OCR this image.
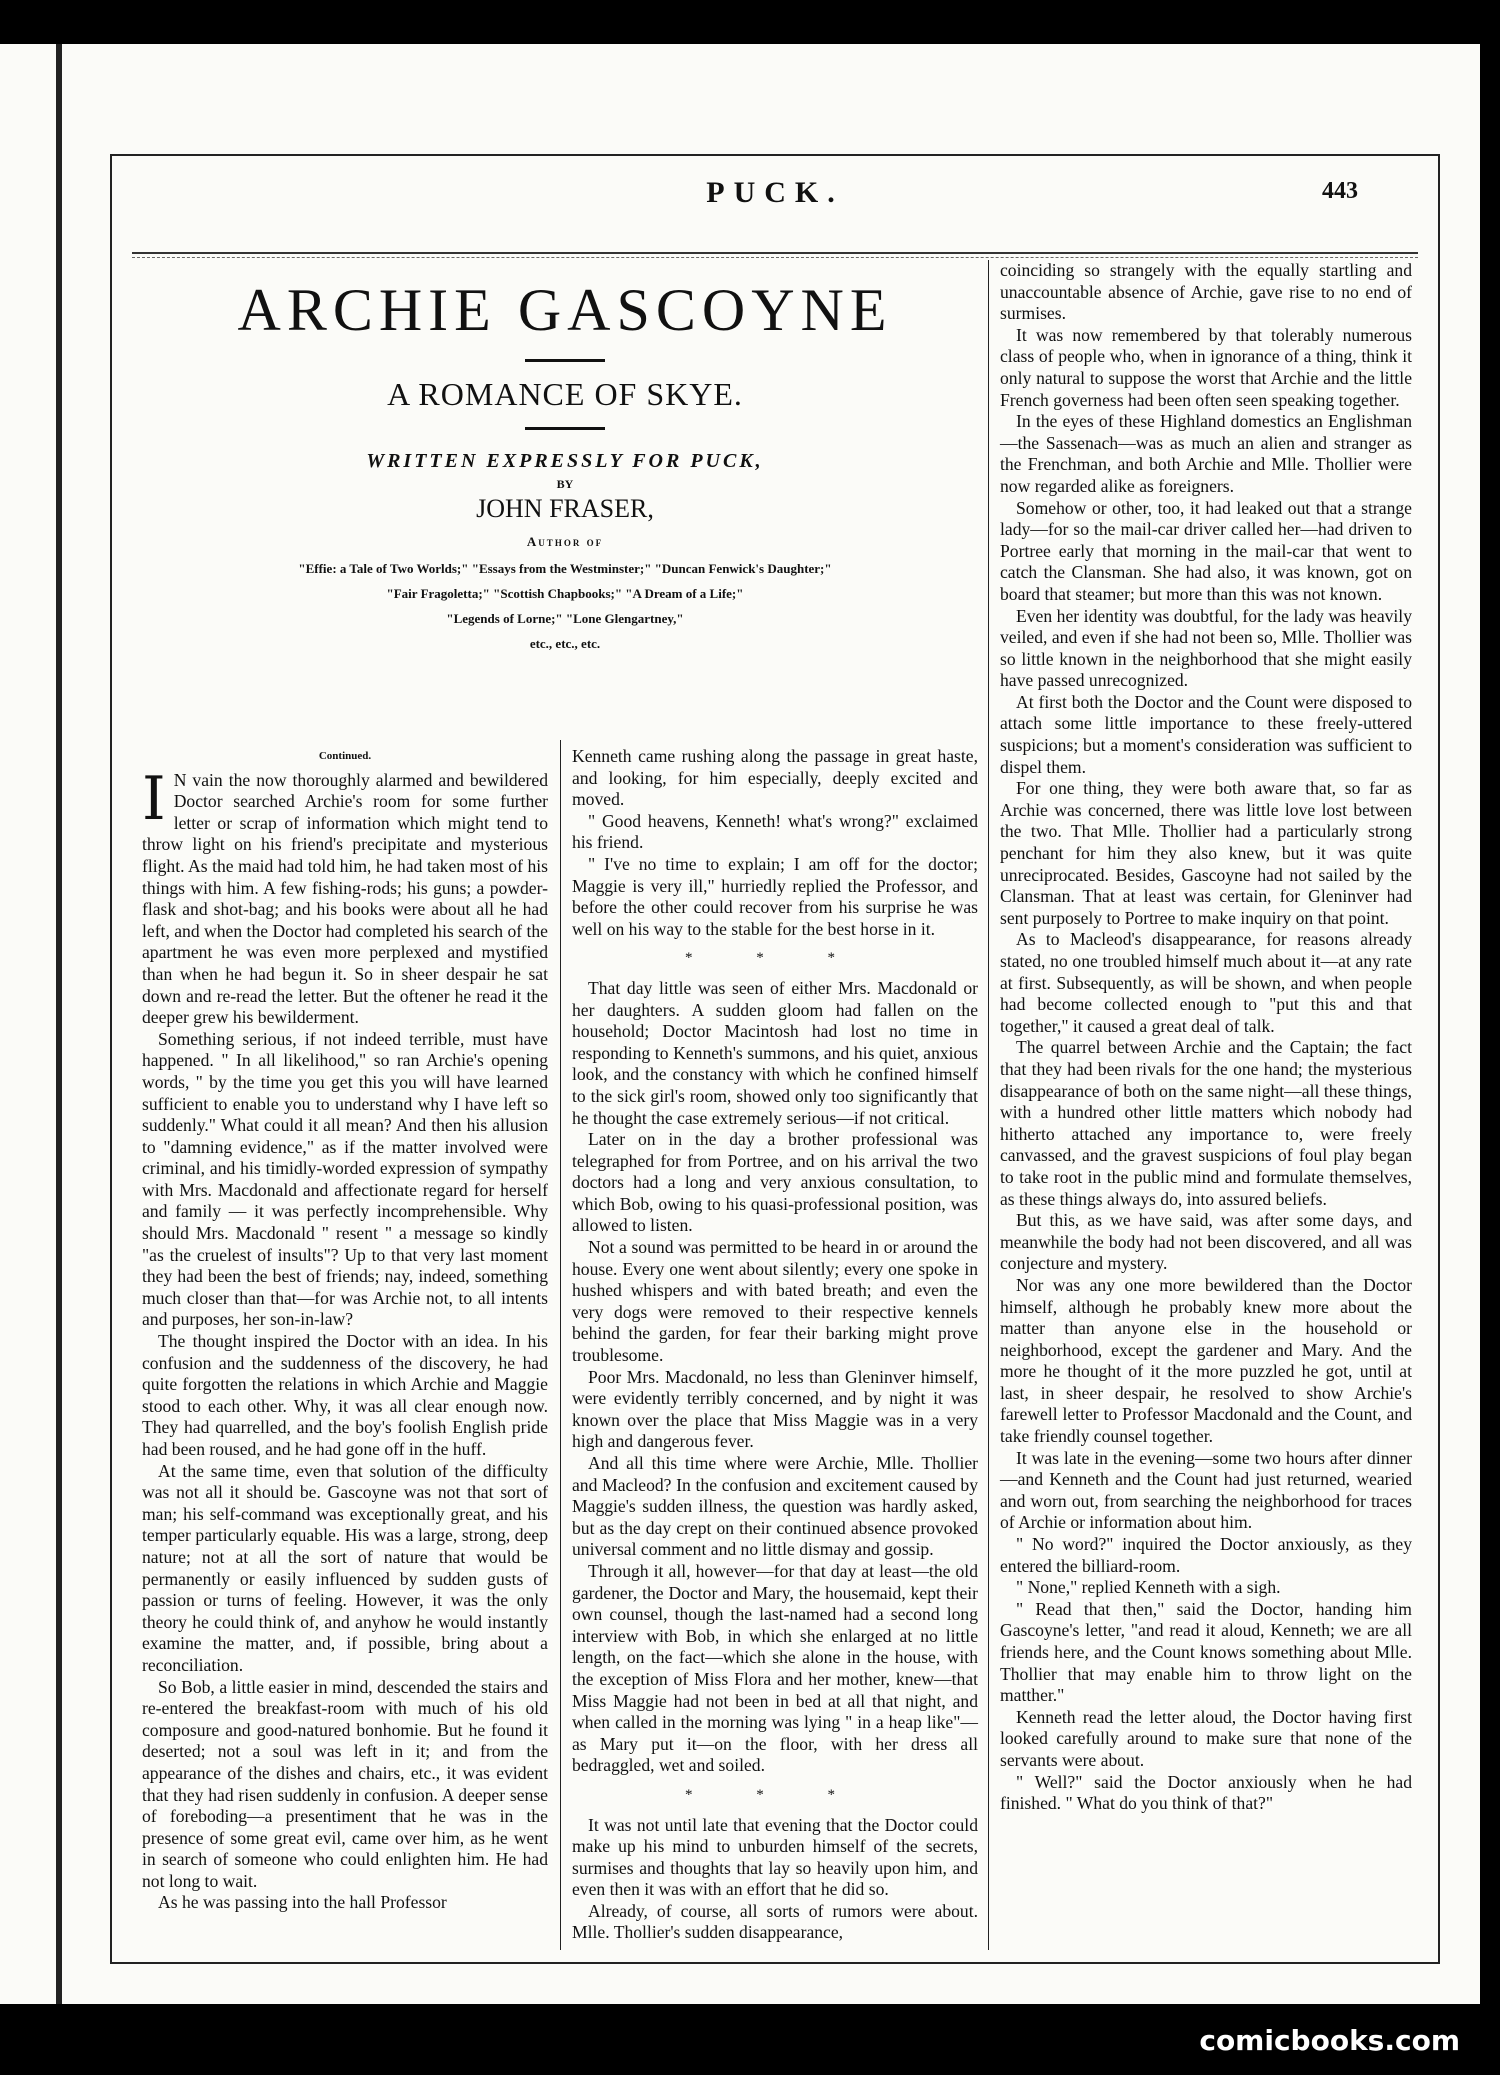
PUCK.	443
ARCHIE GASCOYNE
A ROMANCE OF SKYE.
WRITTEN EXPRESSLY FOR PUCK,
BY
JOHN FRASER,
Author of
"Effie: a Tale of Two Worlds;" "Essays from the Westminster;" "Duncan Fenwick's Daughter;"
"Fair Fragoletta;" "Scottish Chapbooks;" "A Dream of a Life;"
"Legends of Lorne;" "Lone Glengartney,"
etc., etc., etc.
Continued.
I N vain the now thoroughly alarmed and bewildered Doctor searched Archie's room for some further letter or scrap of information which might tend to throw light on his friend's precipitate and mysterious flight. As the maid had told him, he had taken most of his things with him. A few fishing-rods; his guns; a powder-flask and shot-bag; and his books were about all he had left, and when the Doctor had completed his search of the apartment he was even more perplexed and mystified than when he had begun it. So in sheer despair he sat down and re-read the letter. But the oftener he read it the deeper grew his bewilderment.

Something serious, if not indeed terrible, must have happened. " In all likelihood," so ran Archie's opening words, " by the time you get this you will have learned sufficient to enable you to understand why I have left so suddenly." What could it all mean? And then his allusion to "damning evidence," as if the matter involved were criminal, and his timidly-worded expression of sympathy with Mrs. Macdonald and affectionate regard for herself and family — it was perfectly incomprehensible. Why should Mrs. Macdonald " resent " a message so kindly "as the cruelest of insults"? Up to that very last moment they had been the best of friends; nay, indeed, something much closer than that—for was Archie not, to all intents and purposes, her son-in-law?

The thought inspired the Doctor with an idea. In his confusion and the suddenness of the discovery, he had quite forgotten the relations in which Archie and Maggie stood to each other. Why, it was all clear enough now. They had quarrelled, and the boy's foolish English pride had been roused, and he had gone off in the huff.

At the same time, even that solution of the difficulty was not all it should be. Gascoyne was not that sort of man; his self-command was exceptionally great, and his temper particularly equable. His was a large, strong, deep nature; not at all the sort of nature that would be permanently or easily influenced by sudden gusts of passion or turns of feeling. However, it was the only theory he could think of, and anyhow he would instantly examine the matter, and, if possible, bring about a reconciliation.

So Bob, a little easier in mind, descended the stairs and re-entered the breakfast-room with much of his old composure and good-natured bonhomie. But he found it deserted; not a soul was left in it; and from the appearance of the dishes and chairs, etc., it was evident that they had risen suddenly in confusion. A deeper sense of foreboding—a presentiment that he was in the presence of some great evil, came over him, as he went in search of someone who could enlighten him. He had not long to wait.

As he was passing into the hall Professor

Kenneth came rushing along the passage in great haste, and looking, for him especially, deeply excited and moved.

" Good heavens, Kenneth! what's wrong?" exclaimed his friend.

" I've no time to explain; I am off for the doctor; Maggie is very ill," hurriedly replied the Professor, and before the other could recover from his surprise he was well on his way to the stable for the best horse in it.

* * *

That day little was seen of either Mrs. Macdonald or her daughters. A sudden gloom had fallen on the household; Doctor Macintosh had lost no time in responding to Kenneth's summons, and his quiet, anxious look, and the constancy with which he confined himself to the sick girl's room, showed only too significantly that he thought the case extremely serious—if not critical.

Later on in the day a brother professional was telegraphed for from Portree, and on his arrival the two doctors had a long and very anxious consultation, to which Bob, owing to his quasi-professional position, was allowed to listen.

Not a sound was permitted to be heard in or around the house. Every one went about silently; every one spoke in hushed whispers and with bated breath; and even the very dogs were removed to their respective kennels behind the garden, for fear their barking might prove troublesome.

Poor Mrs. Macdonald, no less than Gleninver himself, were evidently terribly concerned, and by night it was known over the place that Miss Maggie was in a very high and dangerous fever.

And all this time where were Archie, Mlle. Thollier and Macleod? In the confusion and excitement caused by Maggie's sudden illness, the question was hardly asked, but as the day crept on their continued absence provoked universal comment and no little dismay and gossip.

Through it all, however—for that day at least—the old gardener, the Doctor and Mary, the housemaid, kept their own counsel, though the last-named had a second long interview with Bob, in which she enlarged at no little length, on the fact—which she alone in the house, with the exception of Miss Flora and her mother, knew—that Miss Maggie had not been in bed at all that night, and when called in the morning was lying " in a heap like"—as Mary put it—on the floor, with her dress all bedraggled, wet and soiled.

* * *

It was not until late that evening that the Doctor could make up his mind to unburden himself of the secrets, surmises and thoughts that lay so heavily upon him, and even then it was with an effort that he did so.

Already, of course, all sorts of rumors were about. Mlle. Thollier's sudden disappearance,

coinciding so strangely with the equally startling and unaccountable absence of Archie, gave rise to no end of surmises.

It was now remembered by that tolerably numerous class of people who, when in ignorance of a thing, think it only natural to suppose the worst that Archie and the little French governess had been often seen speaking together.

In the eyes of these Highland domestics an Englishman—the Sassenach—was as much an alien and stranger as the Frenchman, and both Archie and Mlle. Thollier were now regarded alike as foreigners.

Somehow or other, too, it had leaked out that a strange lady—for so the mail-car driver called her—had driven to Portree early that morning in the mail-car that went to catch the Clansman. She had also, it was known, got on board that steamer; but more than this was not known.

Even her identity was doubtful, for the lady was heavily veiled, and even if she had not been so, Mlle. Thollier was so little known in the neighborhood that she might easily have passed unrecognized.

At first both the Doctor and the Count were disposed to attach some little importance to these freely-uttered suspicions; but a moment's consideration was sufficient to dispel them.

For one thing, they were both aware that, so far as Archie was concerned, there was little love lost between the two. That Mlle. Thollier had a particularly strong penchant for him they also knew, but it was quite unreciprocated. Besides, Gascoyne had not sailed by the Clansman. That at least was certain, for Gleninver had sent purposely to Portree to make inquiry on that point.

As to Macleod's disappearance, for reasons already stated, no one troubled himself much about it—at any rate at first. Subsequently, as will be shown, and when people had become collected enough to "put this and that together," it caused a great deal of talk.

The quarrel between Archie and the Captain; the fact that they had been rivals for the one hand; the mysterious disappearance of both on the same night—all these things, with a hundred other little matters which nobody had hitherto attached any importance to, were freely canvassed, and the gravest suspicions of foul play began to take root in the public mind and formulate themselves, as these things always do, into assured beliefs.

But this, as we have said, was after some days, and meanwhile the body had not been discovered, and all was conjecture and mystery.

Nor was any one more bewildered than the Doctor himself, although he probably knew more about the matter than anyone else in the household or neighborhood, except the gardener and Mary. And the more he thought of it the more puzzled he got, until at last, in sheer despair, he resolved to show Archie's farewell letter to Professor Macdonald and the Count, and take friendly counsel together.

It was late in the evening—some two hours after dinner—and Kenneth and the Count had just returned, wearied and worn out, from searching the neighborhood for traces of Archie or information about him.

" No word?" inquired the Doctor anxiously, as they entered the billiard-room.

" None," replied Kenneth with a sigh.

" Read that then," said the Doctor, handing him Gascoyne's letter, "and read it aloud, Kenneth; we are all friends here, and the Count knows something about Mlle. Thollier that may enable him to throw light on the matther."

Kenneth read the letter aloud, the Doctor having first looked carefully around to make sure that none of the servants were about.

" Well?" said the Doctor anxiously when he had finished. " What do you think of that?"

comicbooks.com
